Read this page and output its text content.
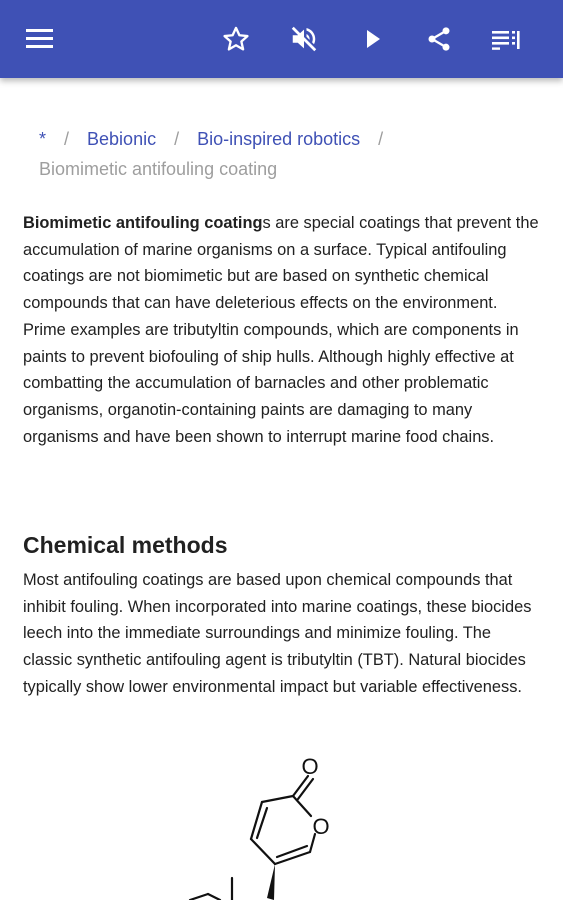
* / Bebionic / Bio-inspired robotics /
Biomimetic antifouling coating

Biomimetic antifouling coatings are special coatings that prevent the accumulation of marine organisms on a surface. Typical antifouling coatings are not biomimetic but are based on synthetic chemical compounds that can have deleterious effects on the environment. Prime examples are tributyltin compounds, which are components in paints to prevent biofouling of ship hulls. Although highly effective at combatting the accumulation of barnacles and other problematic organisms, organotin-containing paints are damaging to many organisms and have been shown to interrupt marine food chains.

Chemical methods

Most antifouling coatings are based upon chemical compounds that inhibit fouling. When incorporated into marine coatings, these biocides leech into the immediate surroundings and minimize fouling. The classic synthetic antifouling agent is tributyltin (TBT). Natural biocides typically show lower environmental impact but variable effectiveness.

O
O
